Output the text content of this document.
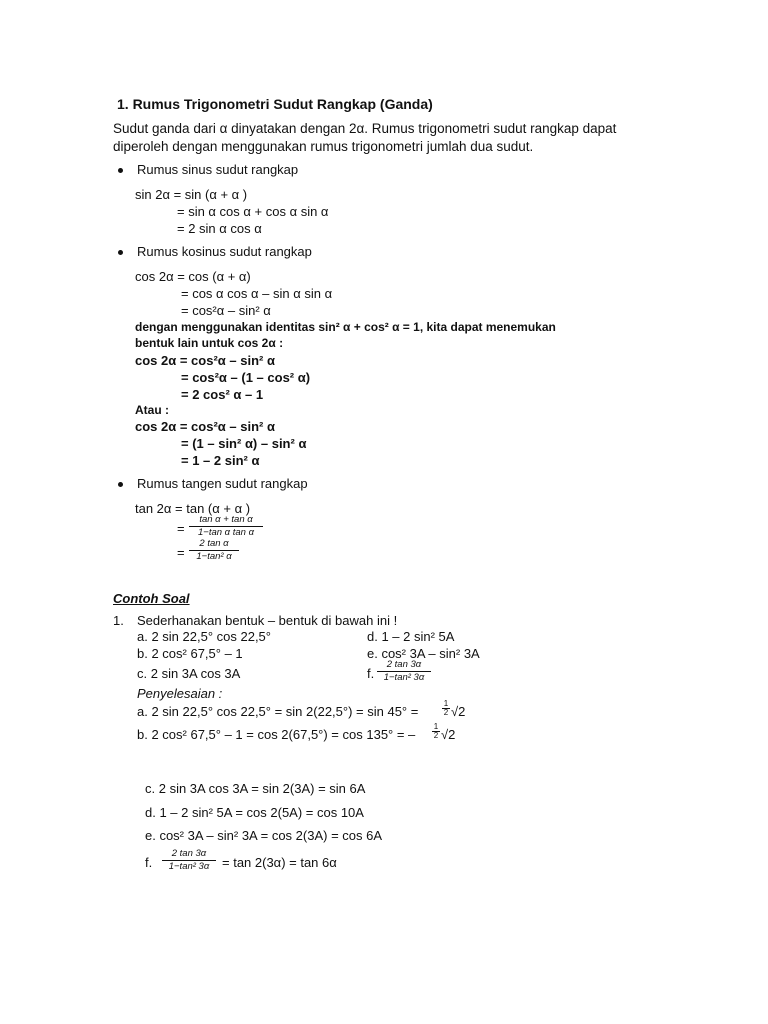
1. Rumus Trigonometri Sudut Rangkap (Ganda)
Sudut ganda dari α dinyatakan dengan 2α. Rumus trigonometri sudut rangkap dapat
diperoleh dengan menggunakan rumus trigonometri jumlah dua sudut.
Rumus sinus sudut rangkap
sin 2α = sin (α + α )
= sin α cos α + cos α sin α
= 2 sin α cos α
Rumus kosinus sudut rangkap
cos 2α = cos (α + α)
= cos α cos α – sin α sin α
= cos²α – sin² α
dengan menggunakan identitas sin² α + cos² α = 1, kita dapat menemukan
bentuk lain untuk cos 2α :
cos 2α = cos²α – sin² α
= cos²α – (1 – cos² α)
= 2 cos² α – 1
Atau :
cos 2α = cos²α – sin² α
= (1 – sin² α) – sin² α
= 1 – 2 sin² α
Rumus tangen sudut rangkap
tan 2α = tan (α + α )
= $\frac{\text{tan α + tan α}}{\text{1−tan α tan α}}$
= $\frac{\text{2 tan α}}{\text{1−tan² α}}$
Contoh Soal
1. Sederhanakan bentuk – bentuk di bawah ini !
a. 2 sin 22,5° cos 22,5°	d. 1 – 2 sin² 5A
b. 2 cos² 67,5° – 1	e. cos² 3A – sin² 3A
c. 2 sin 3A cos 3A	f. $\frac{2 \tan 3\alpha}{\text{1−tan² 3α}}$
Penyelesaian :
a. 2 sin 22,5° cos 22,5° = sin 2(22,5°) = sin 45° =	$\frac{1}{2} √2$
b. 2 cos² 67,5° – 1 = cos 2(67,5°) = cos 135° = – $\frac{1}{2} √2$
c. 2 sin 3A cos 3A = sin 2(3A) = sin 6A
d. 1 – 2 sin² 5A = cos 2(5A) = cos 10A
e. cos² 3A – sin² 3A = cos 2(3A) = cos 6A
f. $\frac{2 \tan 3\alpha}{\text{1−tan² 3α}} = \tan 2(3\alpha) = \tan 6\alpha$
